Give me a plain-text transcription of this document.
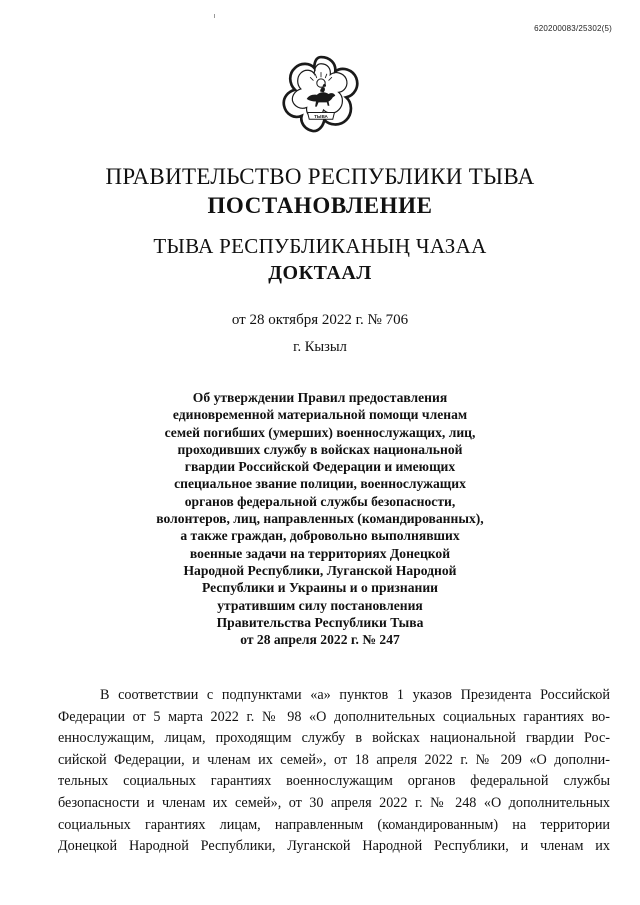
620200083/25302(5)
ТЫВА
ПРАВИТЕЛЬСТВО РЕСПУБЛИКИ ТЫВА
ПОСТАНОВЛЕНИЕ
ТЫВА РЕСПУБЛИКАНЫҢ ЧАЗАА
ДОКТААЛ
от 28 октября 2022 г. № 706
г. Кызыл
Об утверждении Правил предоставления
единовременной материальной помощи членам
семей погибших (умерших) военнослужащих, лиц,
проходивших службу в войсках национальной
гвардии Российской Федерации и имеющих
специальное звание полиции, военнослужащих
органов федеральной службы безопасности,
волонтеров, лиц, направленных (командированных),
а также граждан, добровольно выполнявших
военные задачи на территориях Донецкой
Народной Республики, Луганской Народной
Республики и Украины и о признании
утратившим силу постановления
Правительства Республики Тыва
от 28 апреля 2022 г. № 247
В соответствии с подпунктами «а» пунктов 1 указов Президента Российской
Федерации от 5 марта 2022 г. № 98 «О дополнительных социальных гарантиях во-
еннослужащим, лицам, проходящим службу в войсках национальной гвардии Рос-
сийской Федерации, и членам их семей», от 18 апреля 2022 г. № 209 «О дополни-
тельных социальных гарантиях военнослужащим органов федеральной службы
безопасности и членам их семей», от 30 апреля 2022 г. № 248 «О дополнительных
социальных гарантиях лицам, направленным (командированным) на территории
Донецкой Народной Республики, Луганской Народной Республики, и членам их
